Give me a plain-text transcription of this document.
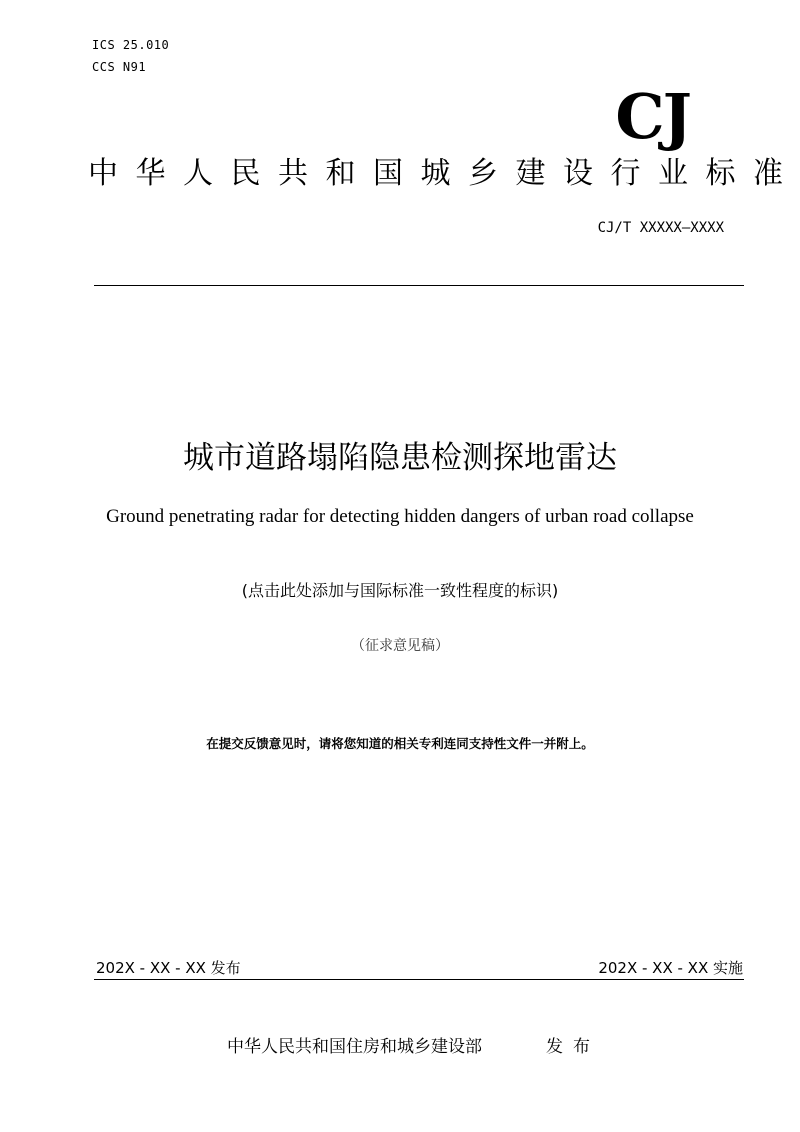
ICS 25.010
CCS N91
CJ
中华人民共和国城乡建设行业标准
CJ/T XXXXX—XXXX
城市道路塌陷隐患检测探地雷达
Ground penetrating radar for detecting hidden dangers of urban road collapse
(点击此处添加与国际标准一致性程度的标识)
（征求意见稿）
在提交反馈意见时，请将您知道的相关专利连同支持性文件一并附上。
202X - XX - XX 发布	202X - XX - XX 实施
中华人民共和国住房和城乡建设部	发布
